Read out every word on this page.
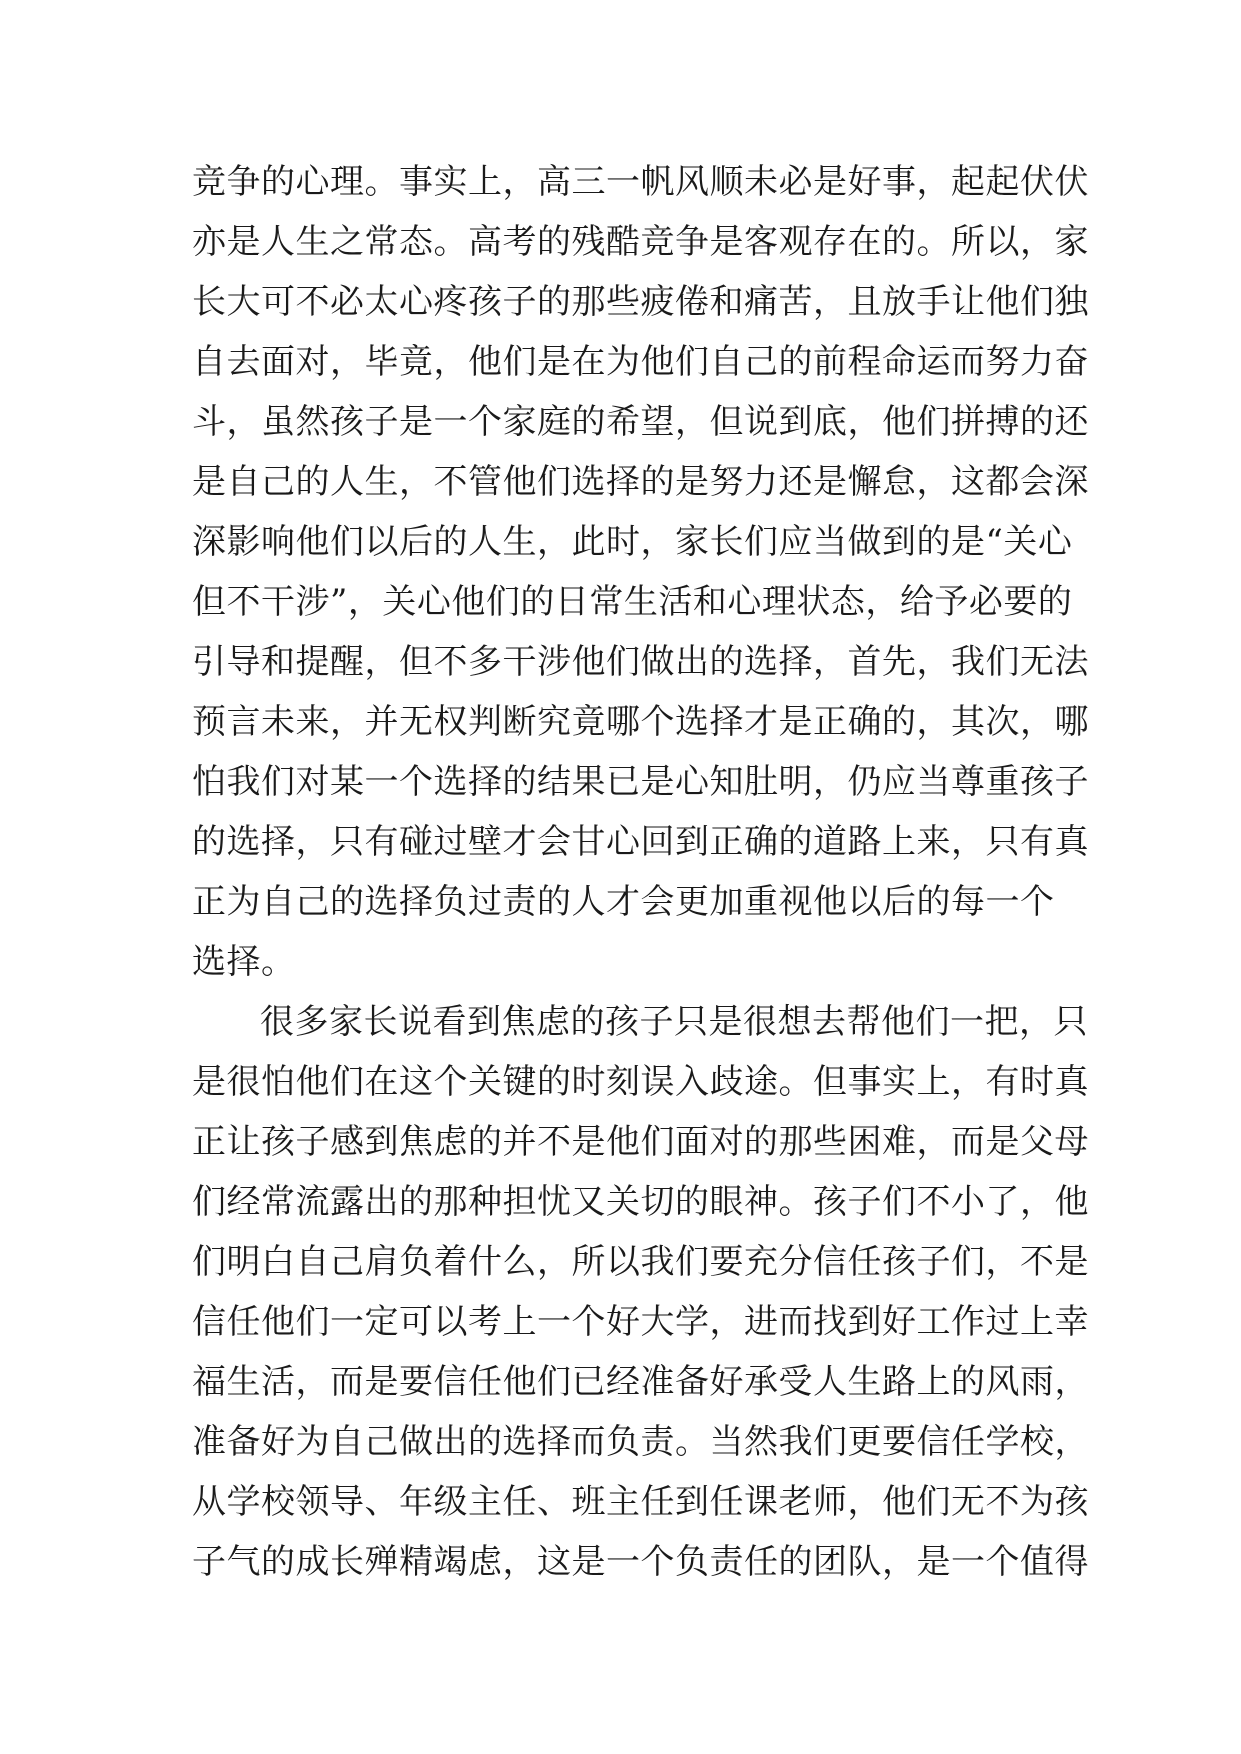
竞争的心理。事实上，高三一帆风顺未必是好事，起起伏伏
亦是人生之常态。高考的残酷竞争是客观存在的。所以，家
长大可不必太心疼孩子的那些疲倦和痛苦，且放手让他们独
自去面对，毕竟，他们是在为他们自己的前程命运而努力奋
斗，虽然孩子是一个家庭的希望，但说到底，他们拼搏的还
是自己的人生，不管他们选择的是努力还是懈怠，这都会深
深影响他们以后的人生，此时，家长们应当做到的是“关心
但不干涉”，关心他们的日常生活和心理状态，给予必要的
引导和提醒，但不多干涉他们做出的选择，首先，我们无法
预言未来，并无权判断究竟哪个选择才是正确的，其次，哪
怕我们对某一个选择的结果已是心知肚明，仍应当尊重孩子
的选择，只有碰过壁才会甘心回到正确的道路上来，只有真
正为自己的选择负过责的人才会更加重视他以后的每一个
选择。
很多家长说看到焦虑的孩子只是很想去帮他们一把，只
是很怕他们在这个关键的时刻误入歧途。但事实上，有时真
正让孩子感到焦虑的并不是他们面对的那些困难，而是父母
们经常流露出的那种担忧又关切的眼神。孩子们不小了，他
们明白自己肩负着什么，所以我们要充分信任孩子们，不是
信任他们一定可以考上一个好大学，进而找到好工作过上幸
福生活，而是要信任他们已经准备好承受人生路上的风雨，
准备好为自己做出的选择而负责。当然我们更要信任学校，
从学校领导、年级主任、班主任到任课老师，他们无不为孩
子气的成长殚精竭虑，这是一个负责任的团队，是一个值得
